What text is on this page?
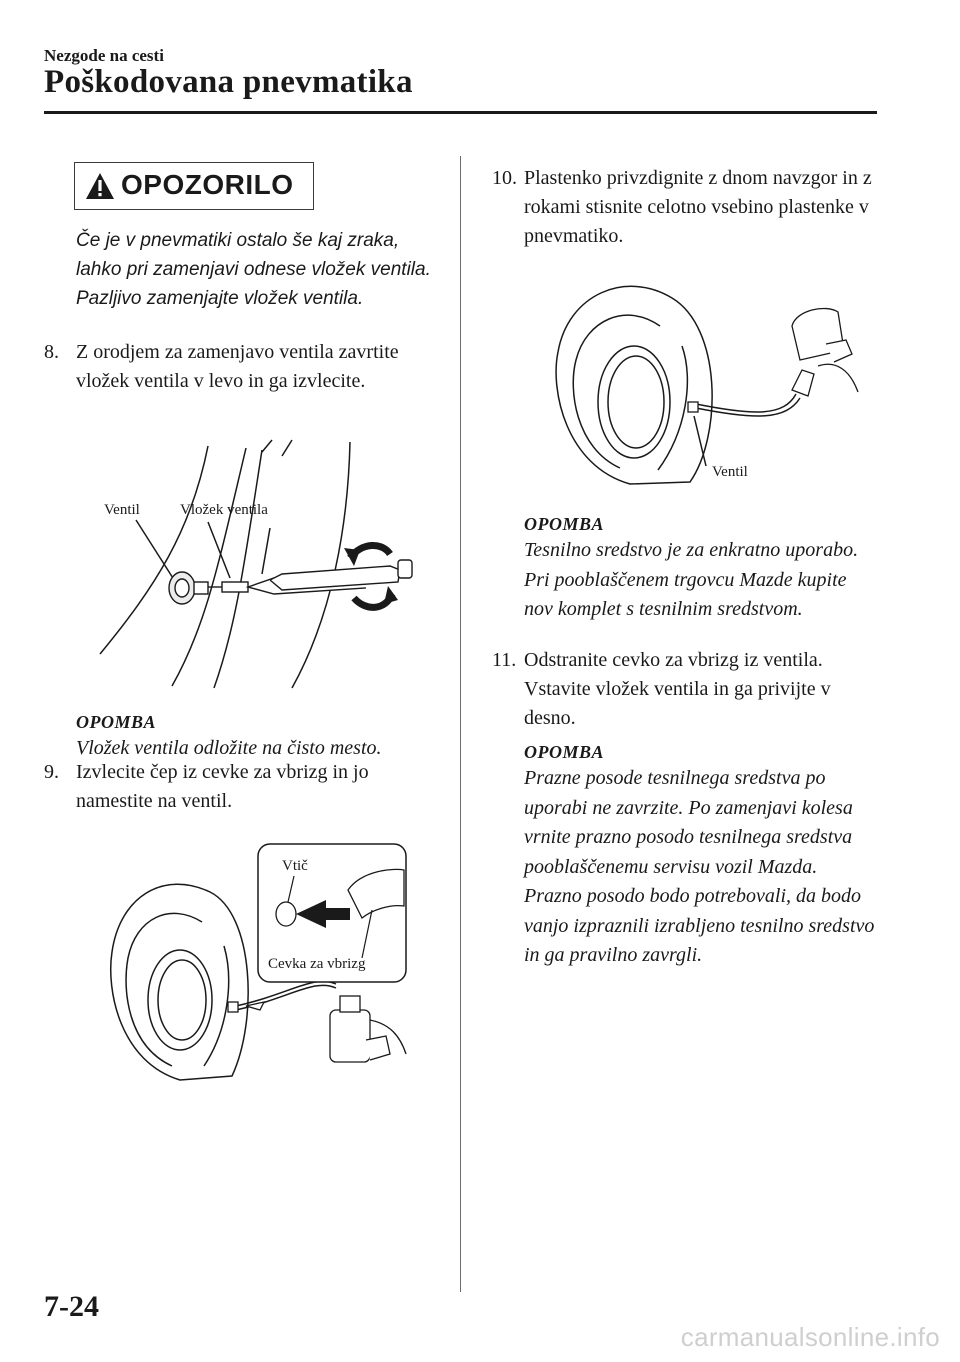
Nezgode na cesti
Poškodovana pnevmatika
OPOZORILO
Če je v pnevmatiki ostalo še kaj zraka, lahko pri zamenjavi odnese vložek ventila. Pazljivo zamenjajte vložek ventila.
8. Z orodjem za zamenjavo ventila zavrtite vložek ventila v levo in ga izvlecite.
Ventil	Vložek ventila
OPOMBA
Vložek ventila odložite na čisto mesto.
9. Izvlecite čep iz cevke za vbrizg in jo namestite na ventil.
Vtič
Cevka za vbrizg
10. Plastenko privzdignite z dnom navzgor in z rokami stisnite celotno vsebino plastenke v pnevmatiko.
Ventil
OPOMBA
Tesnilno sredstvo je za enkratno uporabo. Pri pooblaščenem trgovcu Mazde kupite nov komplet s tesnilnim sredstvom.
11. Odstranite cevko za vbrizg iz ventila. Vstavite vložek ventila in ga privijte v desno.
OPOMBA
Prazne posode tesnilnega sredstva po uporabi ne zavrzite. Po zamenjavi kolesa vrnite prazno posodo tesnilnega sredstva pooblaščenemu servisu vozil Mazda. Prazno posodo bodo potrebovali, da bodo vanjo izpraznili izrabljeno tesnilno sredstvo in ga pravilno zavrgli.
7-24
carmanualsonline.info
